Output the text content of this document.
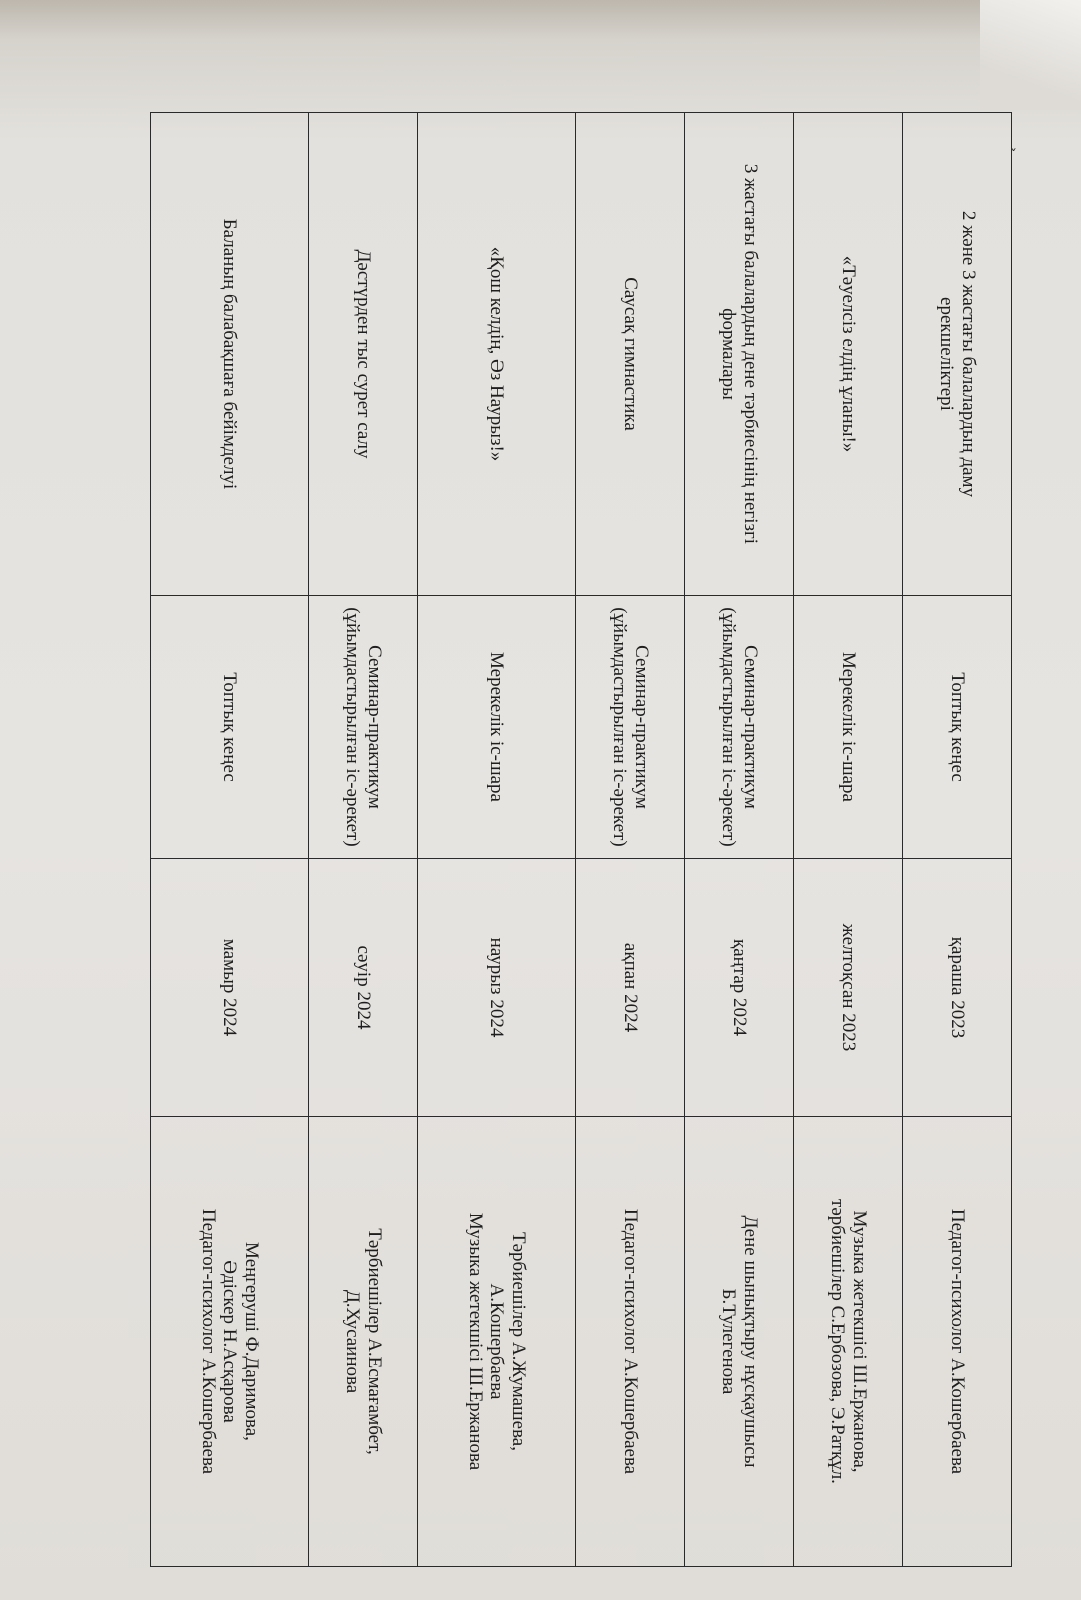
ˇ
2 және 3 жастағы балалардың даму
ерекшеліктері	Топтық кеңес	қараша 2023	Педагог-психолог А.Кошербаева

«Тәуелсіз елдің ұланы!»	Мерекелік іс-шара	желтоқсан 2023	Музыка жетекшісі Ш.Ержанова,
тәрбиешілер С.Ербозова, Э.Ратқұл.

3 жастағы балалардың дене тәрбиесінің негізгі
формалары	Семинар-практикум
(ұйымдастырылған іс-әрекет)	қаңтар 2024	Дене шынықтыру нұсқаушысы
Б.Тулегенова

Саусақ гимнастика	Семинар-практикум
(ұйымдастырылған іс-әрекет)	ақпан 2024	Педагог-психолог А.Кошербаева

«Қош келдің, Әз Наурыз!»	Мерекелік іс-шара	наурыз 2024	Тәрбиешілер А.Жумашева,
А.Кошербаева
Музыка жетекшісі Ш.Ержанова

Дәстүрден тыс сурет салу	Семинар-практикум
(ұйымдастырылған іс-әрекет)	сәуір 2024	Тәрбиешілер А.Есмағамбет,
Д.Хусаинова

Баланың балабақшаға бейімделуі	Топтық кеңес	мамыр 2024	Меңгеруші Ф.Даримова,
Әдіскер Н.Асқарова
Педагог-психолог А.Кошербаева
